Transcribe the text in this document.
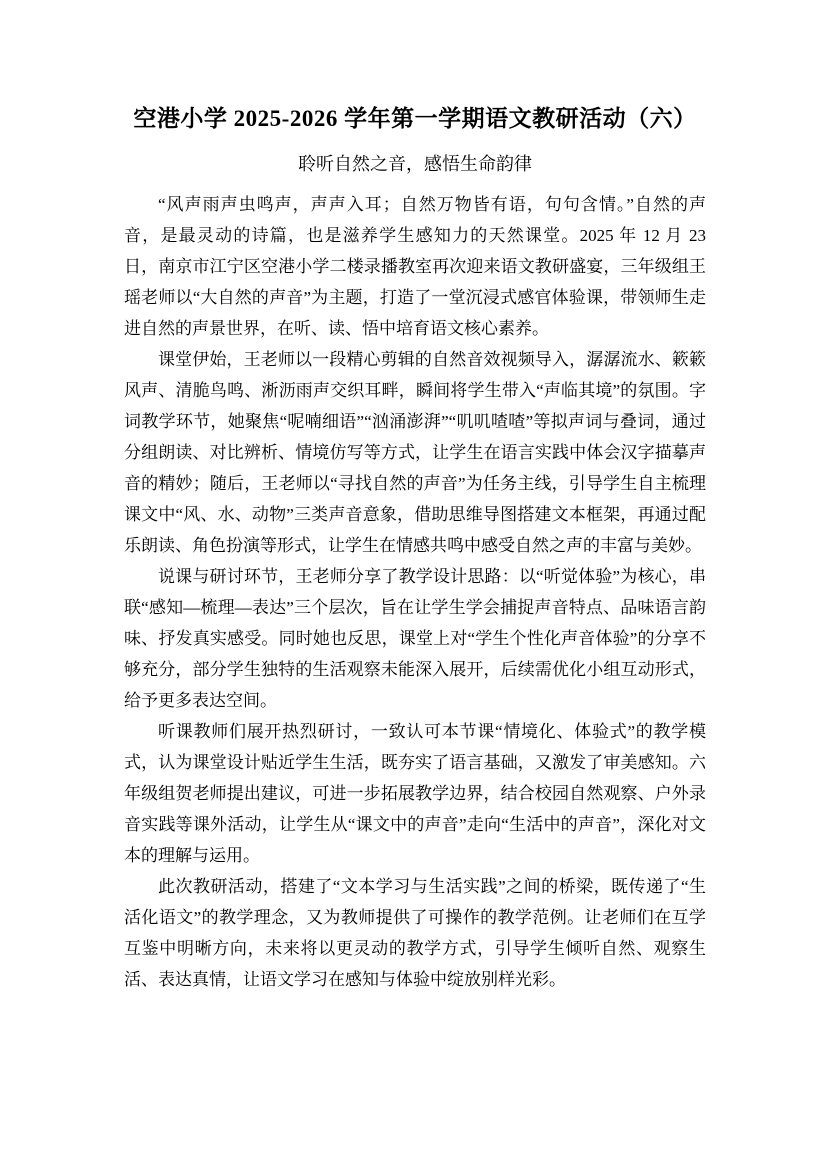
空港小学 2025-2026 学年第一学期语文教研活动（六）
聆听自然之音，感悟生命韵律

“风声雨声虫鸣声，声声入耳；自然万物皆有语，句句含情。”自然的声音，是最灵动的诗篇，也是滋养学生感知力的天然课堂。2025 年 12 月 23 日，南京市江宁区空港小学二楼录播教室再次迎来语文教研盛宴，三年级组王瑶老师以“大自然的声音”为主题，打造了一堂沉浸式感官体验课，带领师生走进自然的声景世界，在听、读、悟中培育语文核心素养。

课堂伊始，王老师以一段精心剪辑的自然音效视频导入，潺潺流水、簌簌风声、清脆鸟鸣、淅沥雨声交织耳畔，瞬间将学生带入“声临其境”的氛围。字词教学环节，她聚焦“呢喃细语”“汹涌澎湃”“叽叽喳喳”等拟声词与叠词，通过分组朗读、对比辨析、情境仿写等方式，让学生在语言实践中体会汉字描摹声音的精妙；随后，王老师以“寻找自然的声音”为任务主线，引导学生自主梳理课文中“风、水、动物”三类声音意象，借助思维导图搭建文本框架，再通过配乐朗读、角色扮演等形式，让学生在情感共鸣中感受自然之声的丰富与美妙。

说课与研讨环节，王老师分享了教学设计思路：以“听觉体验”为核心，串联“感知—梳理—表达”三个层次，旨在让学生学会捕捉声音特点、品味语言韵味、抒发真实感受。同时她也反思，课堂上对“学生个性化声音体验”的分享不够充分，部分学生独特的生活观察未能深入展开，后续需优化小组互动形式，给予更多表达空间。

听课教师们展开热烈研讨，一致认可本节课“情境化、体验式”的教学模式，认为课堂设计贴近学生生活，既夯实了语言基础，又激发了审美感知。六年级组贺老师提出建议，可进一步拓展教学边界，结合校园自然观察、户外录音实践等课外活动，让学生从“课文中的声音”走向“生活中的声音”，深化对文本的理解与运用。

此次教研活动，搭建了“文本学习与生活实践”之间的桥梁，既传递了“生活化语文”的教学理念，又为教师提供了可操作的教学范例。让老师们在互学互鉴中明晰方向，未来将以更灵动的教学方式，引导学生倾听自然、观察生活、表达真情，让语文学习在感知与体验中绽放别样光彩。
